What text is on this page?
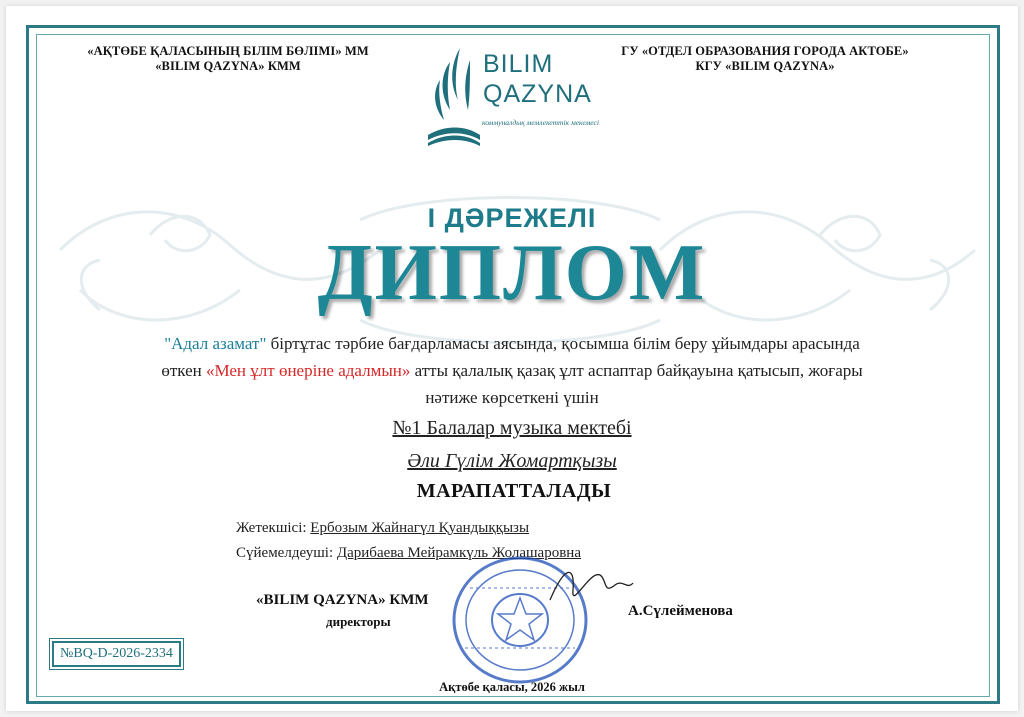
«АҚТӨБЕ ҚАЛАСЫНЫҢ БІЛІМ БӨЛІМІ» ММ
«BILIM QAZYNA» КММ
ГУ «ОТДЕЛ ОБРАЗОВАНИЯ ГОРОДА АКТОБЕ»
КГУ «BILIM QAZYNA»
BILIM
QAZYNA
коммуналдық мемлекеттік мекемесі
І ДӘРЕЖЕЛІ
ДИПЛОМ
"Адал азамат" біртұтас тәрбие бағдарламасы аясында, қосымша білім беру ұйымдары арасында өткен «Мен ұлт өнеріне адалмын» атты қалалық қазақ ұлт аспаптар байқауына қатысып, жоғары нәтиже көрсеткені үшін
№1 Балалар музыка мектебі
Әли Гүлім Жомартқызы
МАРАПАТТАЛАДЫ
Жетекшісі: Ербозым Жайнагүл Қуандыққызы
Сүйемелдеуші: Дарибаева Мейрамкүль Жолашаровна
«BILIM QAZYNA» КММ
директоры
А.Сүлейменова
Ақтөбе қаласы, 2026 жыл
№BQ-D-2026-2334
